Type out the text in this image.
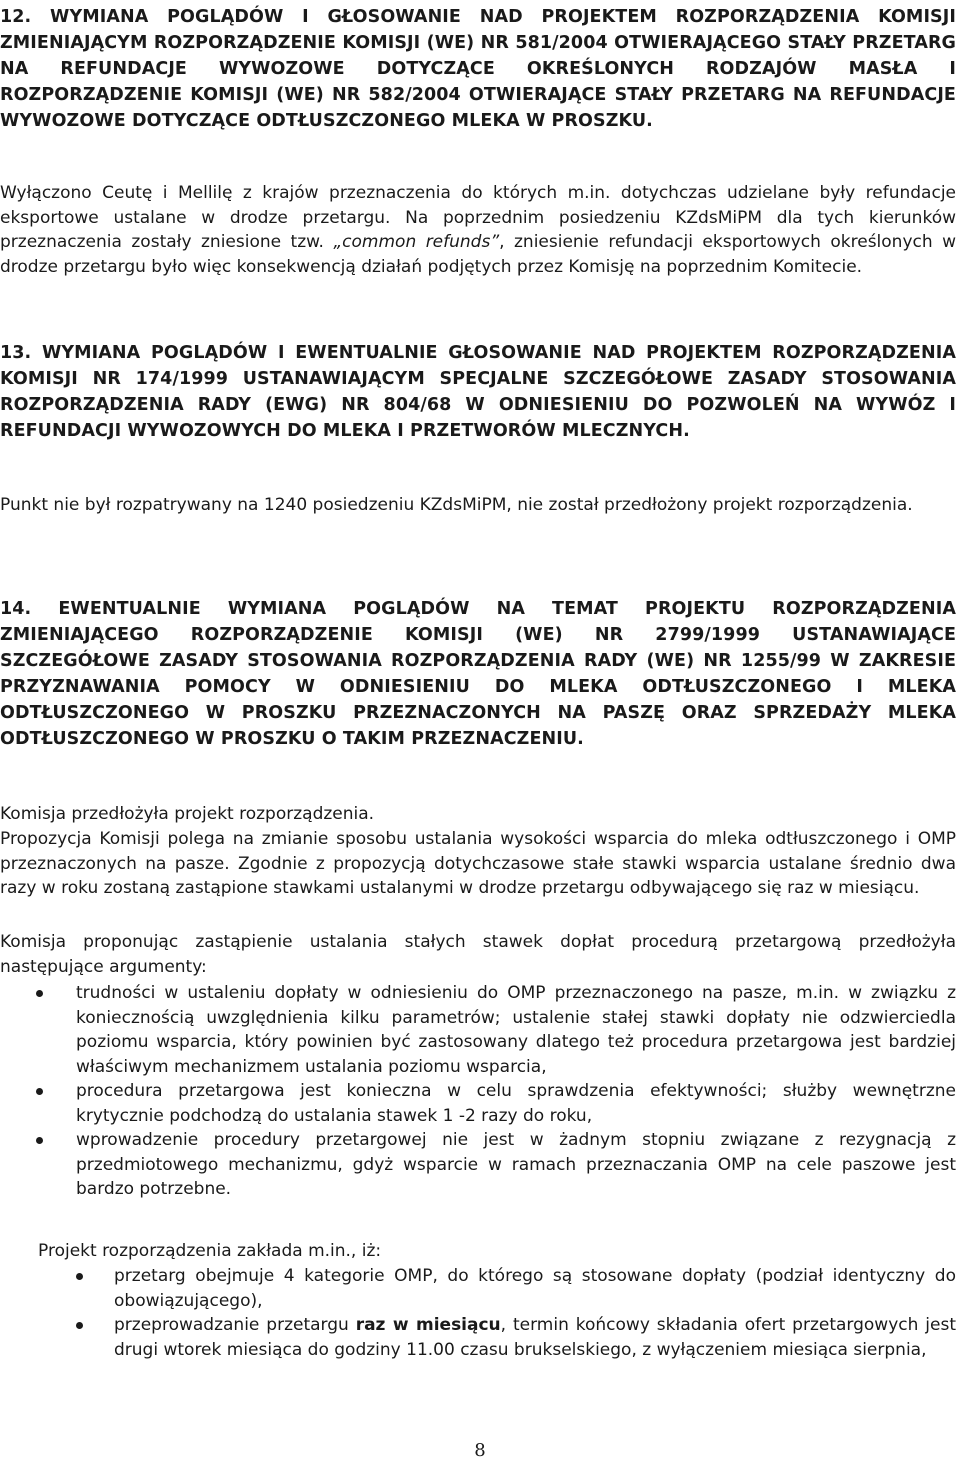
12. WYMIANA POGLĄDÓW I GŁOSOWANIE NAD PROJEKTEM ROZPORZĄDZENIA KOMISJI ZMIENIAJĄCYM ROZPORZĄDZENIE KOMISJI (WE) NR 581/2004 OTWIERAJĄCEGO STAŁY PRZETARG NA REFUNDACJE WYWOZOWE DOTYCZĄCE OKREŚLONYCH RODZAJÓW MASŁA I ROZPORZĄDZENIE KOMISJI (WE) NR 582/2004 OTWIERAJĄCE STAŁY PRZETARG NA REFUNDACJE WYWOZOWE DOTYCZĄCE ODTŁUSZCZONEGO MLEKA W PROSZKU.
Wyłączono Ceutę i Mellilę z krajów przeznaczenia do których m.in. dotychczas udzielane były refundacje eksportowe ustalane w drodze przetargu. Na poprzednim posiedzeniu KZdsMiPM dla tych kierunków przeznaczenia zostały zniesione tzw. „common refunds”, zniesienie refundacji eksportowych określonych w drodze przetargu było więc konsekwencją działań podjętych przez Komisję na poprzednim Komitecie.
13. WYMIANA POGLĄDÓW I EWENTUALNIE GŁOSOWANIE NAD PROJEKTEM ROZPORZĄDZENIA KOMISJI NR 174/1999 USTANAWIAJĄCYM SPECJALNE SZCZEGÓŁOWE ZASADY STOSOWANIA ROZPORZĄDZENIA RADY (EWG) NR 804/68 W ODNIESIENIU DO POZWOLEŃ NA WYWÓZ I REFUNDACJI WYWOZOWYCH DO MLEKA I PRZETWORÓW MLECZNYCH.
Punkt nie był rozpatrywany na 1240 posiedzeniu KZdsMiPM, nie został przedłożony projekt rozporządzenia.
14. EWENTUALNIE WYMIANA POGLĄDÓW NA TEMAT PROJEKTU ROZPORZĄDZENIA ZMIENIAJĄCEGO ROZPORZĄDZENIE KOMISJI (WE) NR 2799/1999 USTANAWIAJĄCE SZCZEGÓŁOWE ZASADY STOSOWANIA ROZPORZĄDZENIA RADY (WE) NR 1255/99 W ZAKRESIE PRZYZNAWANIA POMOCY W ODNIESIENIU DO MLEKA ODTŁUSZCZONEGO I MLEKA ODTŁUSZCZONEGO W PROSZKU PRZEZNACZONYCH NA PASZĘ ORAZ SPRZEDAŻY MLEKA ODTŁUSZCZONEGO W PROSZKU O TAKIM PRZEZNACZENIU.
Komisja przedłożyła projekt rozporządzenia.
Propozycja Komisji polega na zmianie sposobu ustalania wysokości wsparcia do mleka odtłuszczonego i OMP przeznaczonych na pasze. Zgodnie z propozycją dotychczasowe stałe stawki wsparcia ustalane średnio dwa razy w roku zostaną zastąpione stawkami ustalanymi w drodze przetargu odbywającego się raz w miesiącu.
Komisja proponując zastąpienie ustalania stałych stawek dopłat procedurą przetargową przedłożyła następujące argumenty:
trudności w ustaleniu dopłaty w odniesieniu do OMP przeznaczonego na pasze, m.in. w związku z koniecznością uwzględnienia kilku parametrów; ustalenie stałej stawki dopłaty nie odzwierciedla poziomu wsparcia, który powinien być zastosowany dlatego też procedura przetargowa jest bardziej właściwym mechanizmem ustalania poziomu wsparcia,
procedura przetargowa jest konieczna w celu sprawdzenia efektywności; służby wewnętrzne krytycznie podchodzą do ustalania stawek 1 -2 razy do roku,
wprowadzenie procedury przetargowej nie jest w żadnym stopniu związane z rezygnacją z przedmiotowego mechanizmu, gdyż wsparcie w ramach przeznaczania OMP na cele paszowe jest bardzo potrzebne.
Projekt rozporządzenia zakłada m.in., iż:
przetarg obejmuje 4 kategorie OMP, do którego są stosowane dopłaty (podział identyczny do obowiązującego),
przeprowadzanie przetargu raz w miesiącu, termin końcowy składania ofert przetargowych jest drugi wtorek miesiąca do godziny 11.00 czasu brukselskiego, z wyłączeniem miesiąca sierpnia,
8
